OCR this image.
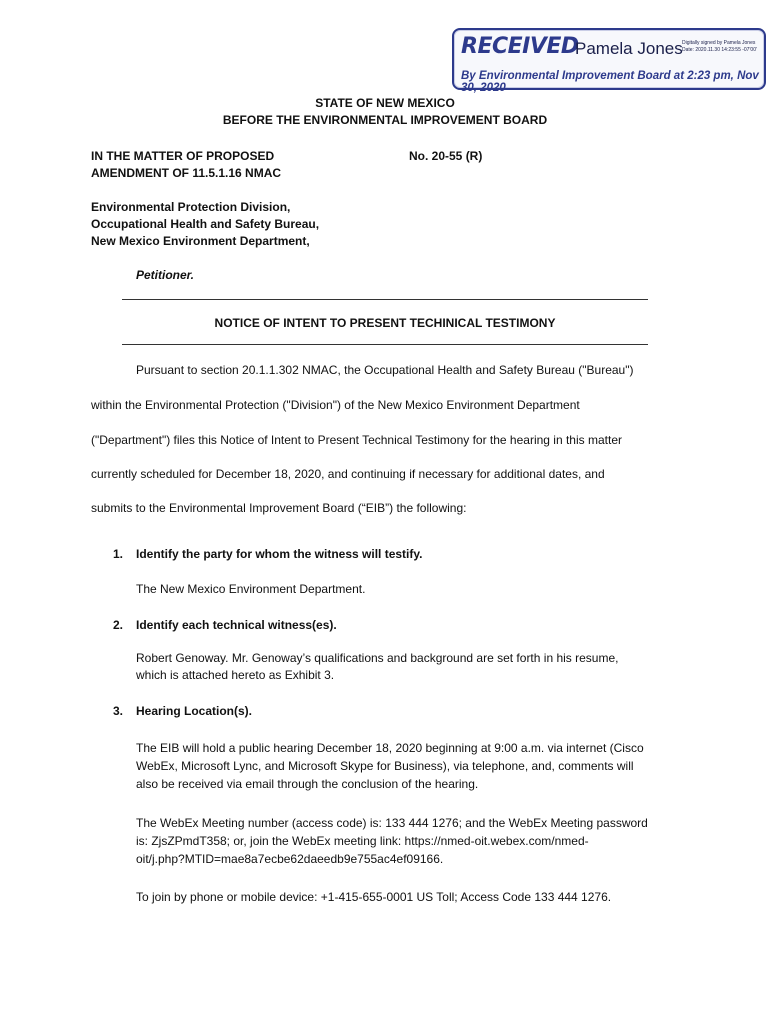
RECEIVED
Pamela Jones Digitally signed by Pamela Jones
Date: 2020.11.30 14:23:55 -07'00'
By Environmental Improvement Board at 2:23 pm, Nov 30, 2020
STATE OF NEW MEXICO
BEFORE THE ENVIRONMENTAL IMPROVEMENT BOARD
IN THE MATTER OF PROPOSED
AMENDMENT OF 11.5.1.16 NMAC
No. 20-55 (R)
Environmental Protection Division,
Occupational Health and Safety Bureau,
New Mexico Environment Department,
Petitioner.
NOTICE OF INTENT TO PRESENT TECHINICAL TESTIMONY
Pursuant to section 20.1.1.302 NMAC, the Occupational Health and Safety Bureau ("Bureau")
within the Environmental Protection ("Division") of the New Mexico Environment Department
("Department") files this Notice of Intent to Present Technical Testimony for the hearing in this matter
currently scheduled for December 18, 2020, and continuing if necessary for additional dates, and
submits to the Environmental Improvement Board (“EIB”) the following:
1. Identify the party for whom the witness will testify.
The New Mexico Environment Department.
2. Identify each technical witness(es).
Robert Genoway. Mr. Genoway’s qualifications and background are set forth in his resume,
which is attached hereto as Exhibit 3.
3. Hearing Location(s).
The EIB will hold a public hearing December 18, 2020 beginning at 9:00 a.m. via internet (Cisco
WebEx, Microsoft Lync, and Microsoft Skype for Business), via telephone, and, comments will
also be received via email through the conclusion of the hearing.
The WebEx Meeting number (access code) is: 133 444 1276; and the WebEx Meeting password
is: ZjsZPmdT358; or, join the WebEx meeting link: https://nmed-oit.webex.com/nmed-
oit/j.php?MTID=mae8a7ecbe62daeedb9e755ac4ef09166.
To join by phone or mobile device: +1-415-655-0001 US Toll; Access Code 133 444 1276.
